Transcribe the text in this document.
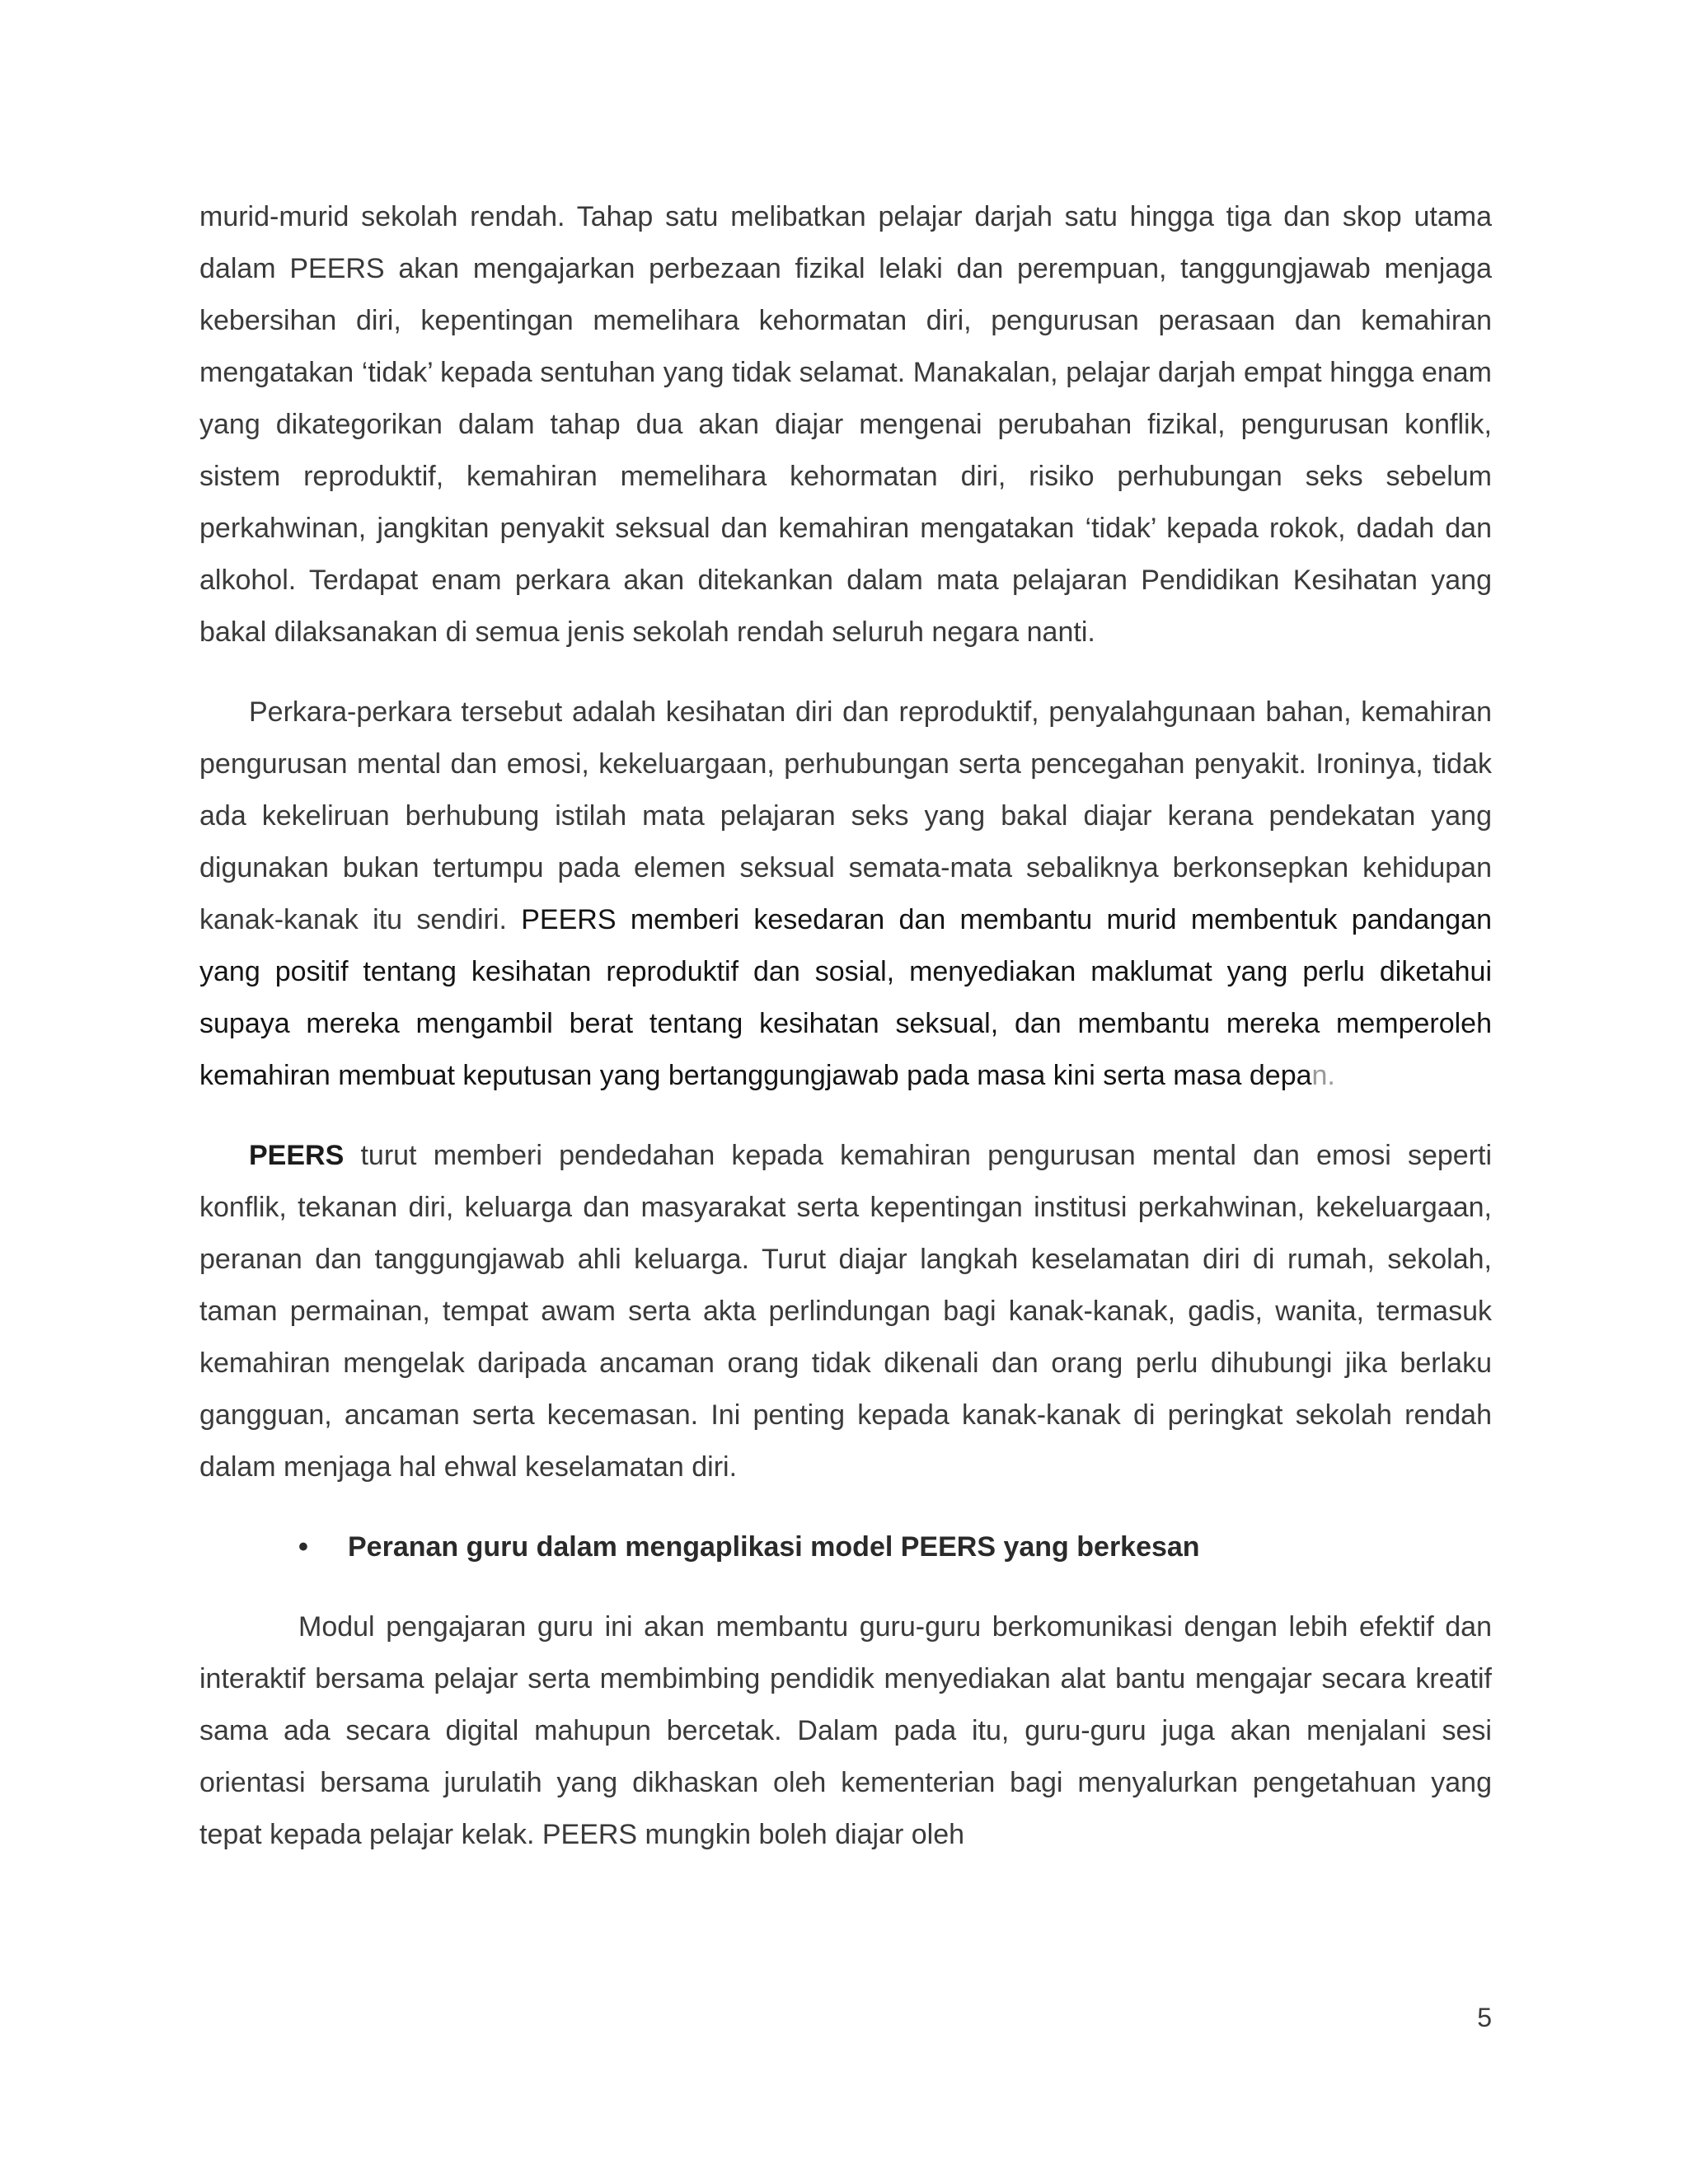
murid-murid sekolah rendah. Tahap satu melibatkan pelajar darjah satu hingga tiga dan skop utama dalam PEERS akan mengajarkan perbezaan fizikal lelaki dan perempuan, tanggungjawab menjaga kebersihan diri, kepentingan memelihara kehormatan diri, pengurusan perasaan dan kemahiran mengatakan ‘tidak’ kepada sentuhan yang tidak selamat. Manakalan, pelajar darjah empat hingga enam yang dikategorikan dalam tahap dua akan diajar mengenai perubahan fizikal, pengurusan konflik, sistem reproduktif, kemahiran memelihara kehormatan diri, risiko perhubungan seks sebelum perkahwinan, jangkitan penyakit seksual dan kemahiran mengatakan ‘tidak’ kepada rokok, dadah dan alkohol. Terdapat enam perkara akan ditekankan dalam mata pelajaran Pendidikan Kesihatan yang bakal dilaksanakan di semua jenis sekolah rendah seluruh negara nanti.

Perkara-perkara tersebut adalah kesihatan diri dan reproduktif, penyalahgunaan bahan, kemahiran pengurusan mental dan emosi, kekeluargaan, perhubungan serta pencegahan penyakit. Ironinya, tidak ada kekeliruan berhubung istilah mata pelajaran seks yang bakal diajar kerana pendekatan yang digunakan bukan tertumpu pada elemen seksual semata-mata sebaliknya berkonsepkan kehidupan kanak-kanak itu sendiri. PEERS memberi kesedaran dan membantu murid membentuk pandangan yang positif tentang kesihatan reproduktif dan sosial, menyediakan maklumat yang perlu diketahui supaya mereka mengambil berat tentang kesihatan seksual, dan membantu mereka memperoleh kemahiran membuat keputusan yang bertanggungjawab pada masa kini serta masa depan.

PEERS turut memberi pendedahan kepada kemahiran pengurusan mental dan emosi seperti konflik, tekanan diri, keluarga dan masyarakat serta kepentingan institusi perkahwinan, kekeluargaan, peranan dan tanggungjawab ahli keluarga. Turut diajar langkah keselamatan diri di rumah, sekolah, taman permainan, tempat awam serta akta perlindungan bagi kanak-kanak, gadis, wanita, termasuk kemahiran mengelak daripada ancaman orang tidak dikenali dan orang perlu dihubungi jika berlaku gangguan, ancaman serta kecemasan. Ini penting kepada kanak-kanak di peringkat sekolah rendah dalam menjaga hal ehwal keselamatan diri.

• Peranan guru dalam mengaplikasi model PEERS yang berkesan

Modul pengajaran guru ini akan membantu guru-guru berkomunikasi dengan lebih efektif dan interaktif bersama pelajar serta membimbing pendidik menyediakan alat bantu mengajar secara kreatif sama ada secara digital mahupun bercetak. Dalam pada itu, guru-guru juga akan menjalani sesi orientasi bersama jurulatih yang dikhaskan oleh kementerian bagi menyalurkan pengetahuan yang tepat kepada pelajar kelak. PEERS mungkin boleh diajar oleh

5
